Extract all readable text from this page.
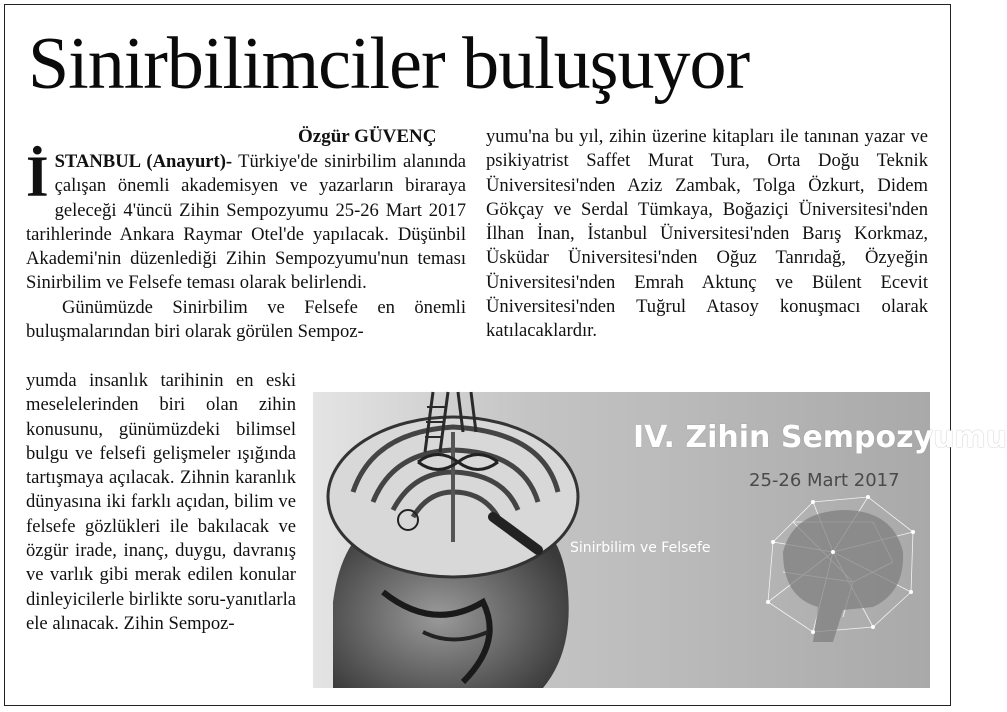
Sinirbilimciler buluşuyor
Özgür GÜVENÇ

İSTANBUL (Anayurt)- Türkiye'de sinirbilim alanında çalışan önemli akademisyen ve yazarların biraraya geleceği 4'üncü Zihin Sempozyumu 25-26 Mart 2017 tarihlerinde Ankara Raymar Otel'de yapılacak. Düşünbil Akademi'nin düzenlediği Zihin Sempozyumu'nun teması Sinirbilim ve Felsefe teması olarak belirlendi.

Günümüzde Sinirbilim ve Felsefe en önemli buluşmalarından biri olarak görülen Sempoz-

yumda insanlık tarihinin en eski meselelerinden biri olan zihin konusunu, günümüzdeki bilimsel bulgu ve felsefi gelişmeler ışığında tartışmaya açılacak. Zihnin karanlık dünyasına iki farklı açıdan, bilim ve felsefe gözlükleri ile bakılacak ve özgür irade, inanç, duygu, davranış ve varlık gibi merak edilen konular dinleyicilerle birlikte soru-yanıtlarla ele alınacak. Zihin Sempoz-

yumu'na bu yıl, zihin üzerine kitapları ile tanınan yazar ve psikiyatrist Saffet Murat Tura, Orta Doğu Teknik Üniversitesi'nden Aziz Zambak, Tolga Özkurt, Didem Gökçay ve Serdal Tümkaya, Boğaziçi Üniversitesi'nden İlhan İnan, İstanbul Üniversitesi'nden Barış Korkmaz, Üsküdar Üniversitesi'nden Oğuz Tanrıdağ, Özyeğin Üniversitesi'nden Emrah Aktunç ve Bülent Ecevit Üniversitesi'nden Tuğrul Atasoy konuşmacı olarak katılacaklardır.

IV. Zihin Sempozyumu
25-26 Mart 2017
Sinirbilim ve Felsefe
